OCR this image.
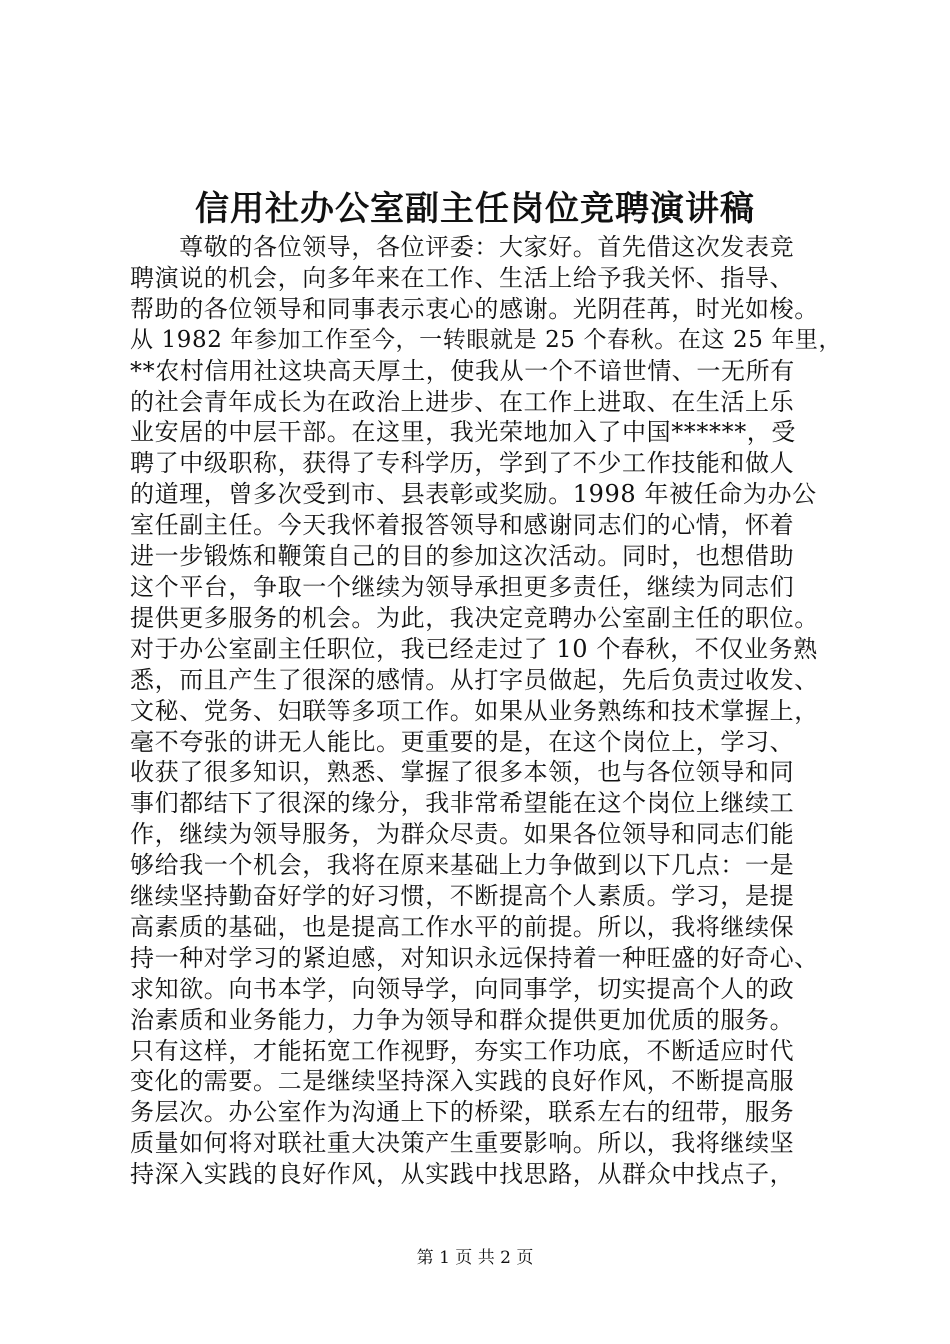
信用社办公室副主任岗位竞聘演讲稿
　　尊敬的各位领导，各位评委：大家好。首先借这次发表竞
聘演说的机会，向多年来在工作、生活上给予我关怀、指导、
帮助的各位领导和同事表示衷心的感谢。光阴荏苒，时光如梭。
从 1982 年参加工作至今，一转眼就是 25 个春秋。在这 25 年里，
**农村信用社这块高天厚土，使我从一个不谙世情、一无所有
的社会青年成长为在政治上进步、在工作上进取、在生活上乐
业安居的中层干部。在这里，我光荣地加入了中国******，受
聘了中级职称，获得了专科学历，学到了不少工作技能和做人
的道理，曾多次受到市、县表彰或奖励。1998 年被任命为办公
室任副主任。今天我怀着报答领导和感谢同志们的心情，怀着
进一步锻炼和鞭策自己的目的参加这次活动。同时，也想借助
这个平台，争取一个继续为领导承担更多责任，继续为同志们
提供更多服务的机会。为此，我决定竞聘办公室副主任的职位。
对于办公室副主任职位，我已经走过了 10 个春秋，不仅业务熟
悉，而且产生了很深的感情。从打字员做起，先后负责过收发、
文秘、党务、妇联等多项工作。如果从业务熟练和技术掌握上，
毫不夸张的讲无人能比。更重要的是，在这个岗位上，学习、
收获了很多知识，熟悉、掌握了很多本领，也与各位领导和同
事们都结下了很深的缘分，我非常希望能在这个岗位上继续工
作，继续为领导服务，为群众尽责。如果各位领导和同志们能
够给我一个机会，我将在原来基础上力争做到以下几点：一是
继续坚持勤奋好学的好习惯，不断提高个人素质。学习，是提
高素质的基础，也是提高工作水平的前提。所以，我将继续保
持一种对学习的紧迫感，对知识永远保持着一种旺盛的好奇心、
求知欲。向书本学，向领导学，向同事学，切实提高个人的政
治素质和业务能力，力争为领导和群众提供更加优质的服务。
只有这样，才能拓宽工作视野，夯实工作功底，不断适应时代
变化的需要。二是继续坚持深入实践的良好作风，不断提高服
务层次。办公室作为沟通上下的桥梁，联系左右的纽带，服务
质量如何将对联社重大决策产生重要影响。所以，我将继续坚
持深入实践的良好作风，从实践中找思路，从群众中找点子，
第 1 页 共 2 页
